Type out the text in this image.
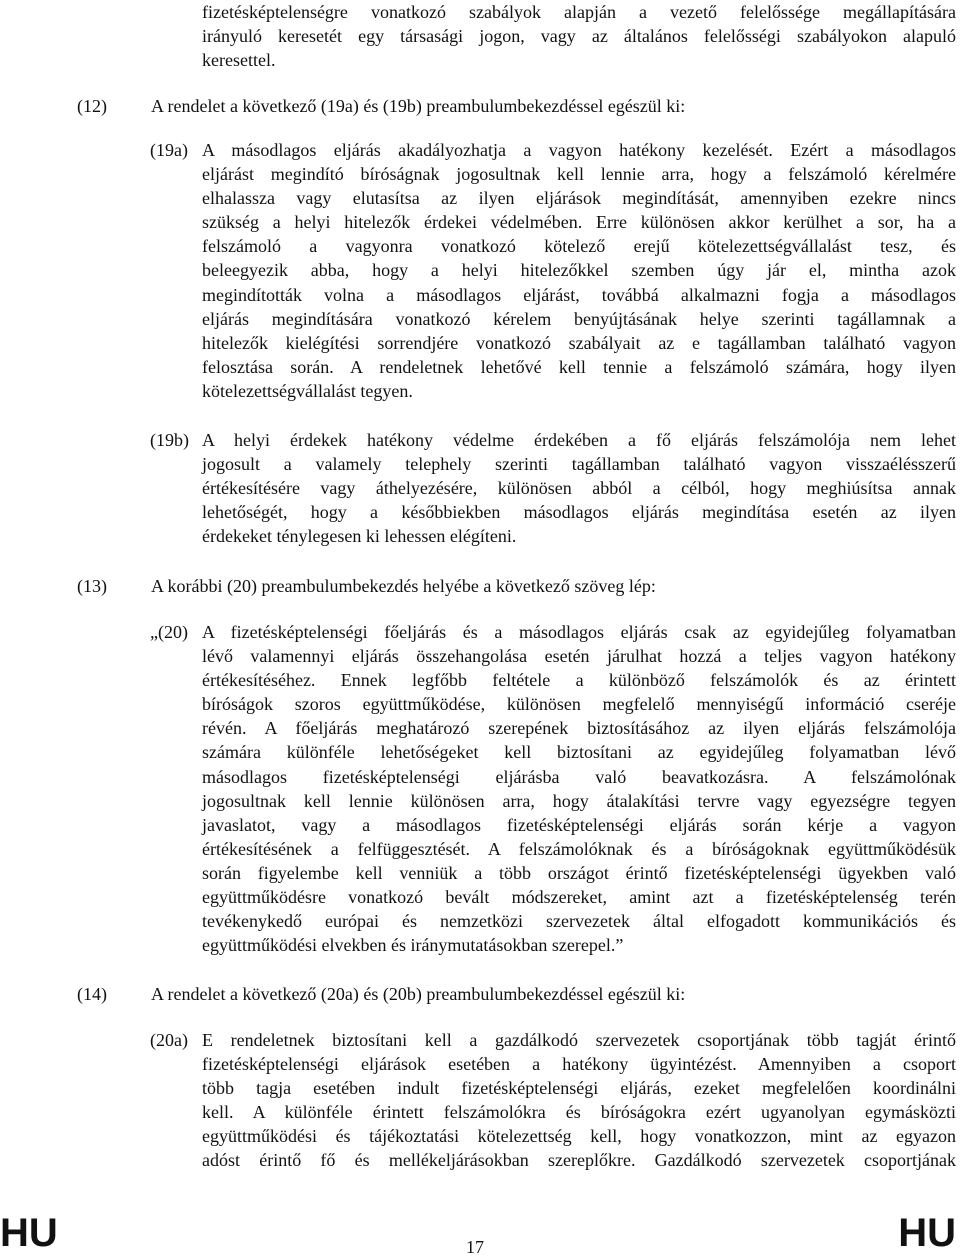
fizetésképtelenségre vonatkozó szabályok alapján a vezető felelőssége megállapítására
irányuló keresetét egy társasági jogon, vagy az általános felelősségi szabályokon alapuló
keresettel.
(12) A rendelet a következő (19a) és (19b) preambulumbekezdéssel egészül ki:
(19a) A másodlagos eljárás akadályozhatja a vagyon hatékony kezelését. Ezért a másodlagos
eljárást megindító bíróságnak jogosultnak kell lennie arra, hogy a felszámoló kérelmére
elhalassza vagy elutasítsa az ilyen eljárások megindítását, amennyiben ezekre nincs
szükség a helyi hitelezők érdekei védelmében. Erre különösen akkor kerülhet a sor, ha a
felszámoló a vagyonra vonatkozó kötelező erejű kötelezettségvállalást tesz, és
beleegyezik abba, hogy a helyi hitelezőkkel szemben úgy jár el, mintha azok
megindították volna a másodlagos eljárást, továbbá alkalmazni fogja a másodlagos
eljárás megindítására vonatkozó kérelem benyújtásának helye szerinti tagállamnak a
hitelezők kielégítési sorrendjére vonatkozó szabályait az e tagállamban található vagyon
felosztása során. A rendeletnek lehetővé kell tennie a felszámoló számára, hogy ilyen
kötelezettségvállalást tegyen.
(19b) A helyi érdekek hatékony védelme érdekében a fő eljárás felszámolója nem lehet
jogosult a valamely telephely szerinti tagállamban található vagyon visszaélésszerű
értékesítésére vagy áthelyezésére, különösen abból a célból, hogy meghiúsítsa annak
lehetőségét, hogy a későbbiekben másodlagos eljárás megindítása esetén az ilyen
érdekeket ténylegesen ki lehessen elégíteni.
(13) A korábbi (20) preambulumbekezdés helyébe a következő szöveg lép:
„(20) A fizetésképtelenségi főeljárás és a másodlagos eljárás csak az egyidejűleg folyamatban
lévő valamennyi eljárás összehangolása esetén járulhat hozzá a teljes vagyon hatékony
értékesítéséhez. Ennek legfőbb feltétele a különböző felszámolók és az érintett
bíróságok szoros együttműködése, különösen megfelelő mennyiségű információ cseréje
révén. A főeljárás meghatározó szerepének biztosításához az ilyen eljárás felszámolója
számára különféle lehetőségeket kell biztosítani az egyidejűleg folyamatban lévő
másodlagos fizetésképtelenségi eljárásba való beavatkozásra. A felszámolónak
jogosultnak kell lennie különösen arra, hogy átalakítási tervre vagy egyezségre tegyen
javaslatot, vagy a másodlagos fizetésképtelenségi eljárás során kérje a vagyon
értékesítésének a felfüggesztését. A felszámolóknak és a bíróságoknak együttműködésük
során figyelembe kell venniük a több országot érintő fizetésképtelenségi ügyekben való
együttműködésre vonatkozó bevált módszereket, amint azt a fizetésképtelenség terén
tevékenykedő európai és nemzetközi szervezetek által elfogadott kommunikációs és
együttműködési elvekben és iránymutatásokban szerepel.”
(14) A rendelet a következő (20a) és (20b) preambulumbekezdéssel egészül ki:
(20a) E rendeletnek biztosítani kell a gazdálkodó szervezetek csoportjának több tagját érintő
fizetésképtelenségi eljárások esetében a hatékony ügyintézést. Amennyiben a csoport
több tagja esetében indult fizetésképtelenségi eljárás, ezeket megfelelően koordinálni
kell. A különféle érintett felszámolókra és bíróságokra ezért ugyanolyan egymásközti
együttműködési és tájékoztatási kötelezettség kell, hogy vonatkozzon, mint az egyazon
adóst érintő fő és mellékeljárásokban szereplőkre. Gazdálkodó szervezetek csoportjának
HU	17	HU
